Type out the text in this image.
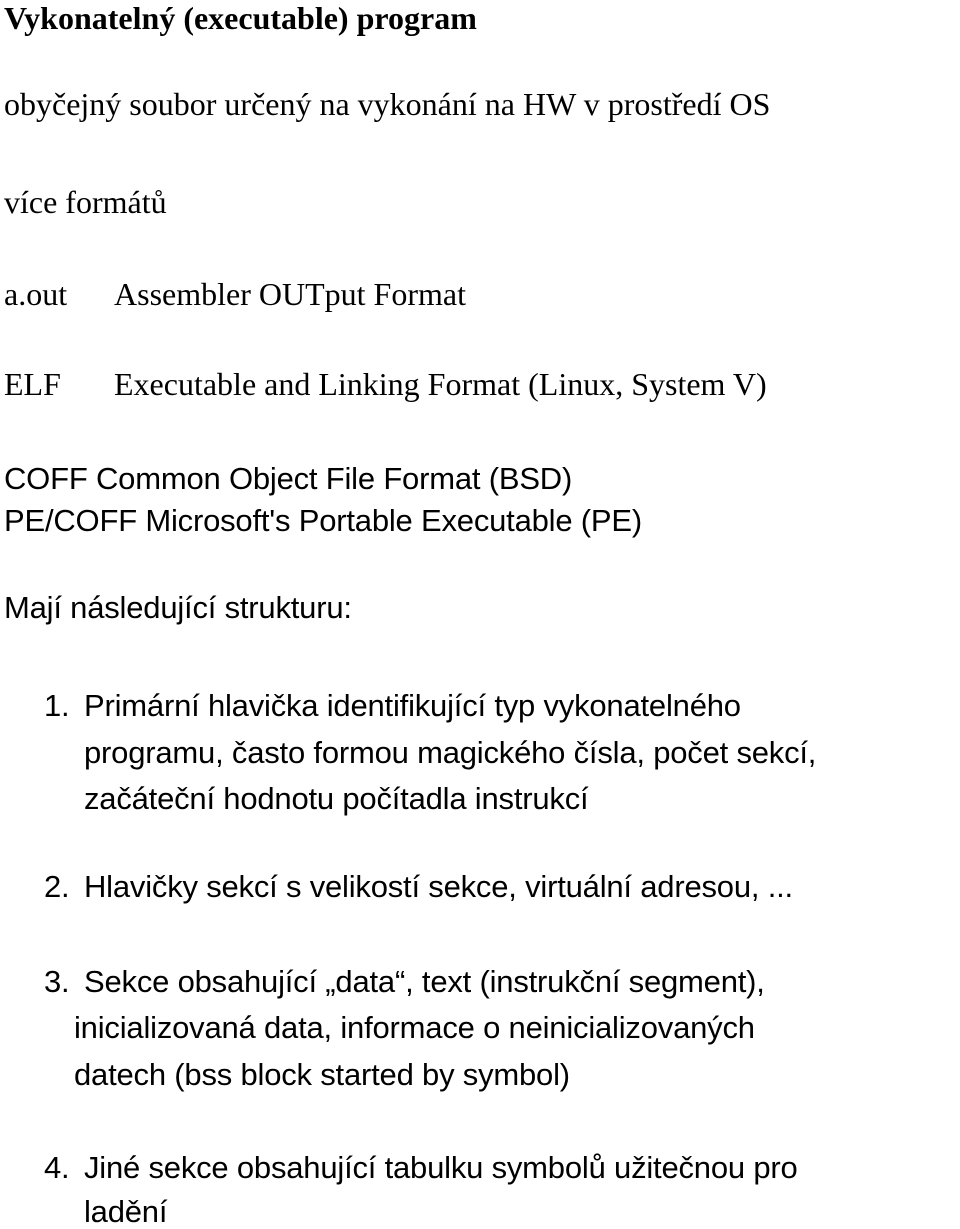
Vykonatelný (executable) program
obyčejný soubor určený na vykonání na HW v prostředí OS
více formátů
a.out Assembler OUTput Format
ELF Executable and Linking Format (Linux, System V)
COFF Common Object File Format (BSD)
PE/COFF Microsoft's Portable Executable (PE)
Mají následující strukturu:
1. Primární hlavička identifikující typ vykonatelného
programu, často formou magického čísla, počet sekcí,
začáteční hodnotu počítadla instrukcí
2. Hlavičky sekcí s velikostí sekce, virtuální adresou, ...
3. Sekce obsahující „data“, text (instrukční segment),
inicializovaná data, informace o neinicializovaných
datech (bss block started by symbol)
4. Jiné sekce obsahující tabulku symbolů užitečnou pro
ladění
